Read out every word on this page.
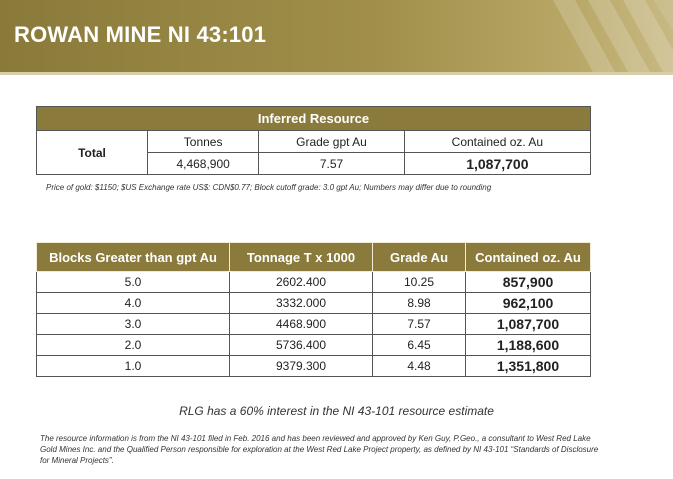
ROWAN MINE NI 43:101
Inferred Resource			
Total	Tonnes	Grade gpt Au	Contained oz. Au
	4,468,900	7.57	1,087,700
Price of gold: $1150; $US Exchange rate US$: CDN$0.77; Block cutoff grade: 3.0 gpt Au; Numbers may differ due to rounding
Blocks Greater than gpt Au	Tonnage T x 1000	Grade Au	Contained oz. Au
5.0	2602.400	10.25	857,900
4.0	3332.000	8.98	962,100
3.0	4468.900	7.57	1,087,700
2.0	5736.400	6.45	1,188,600
1.0	9379.300	4.48	1,351,800
RLG has a 60% interest in the NI 43-101 resource estimate
The resource information is from the NI 43-101 filed in Feb. 2016 and has been reviewed and approved by Ken Guy, P.Geo., a consultant to West Red Lake Gold Mines Inc. and the Qualified Person responsible for exploration at the West Red Lake Project property, as defined by NI 43-101 “Standards of Disclosure for Mineral Projects”.
